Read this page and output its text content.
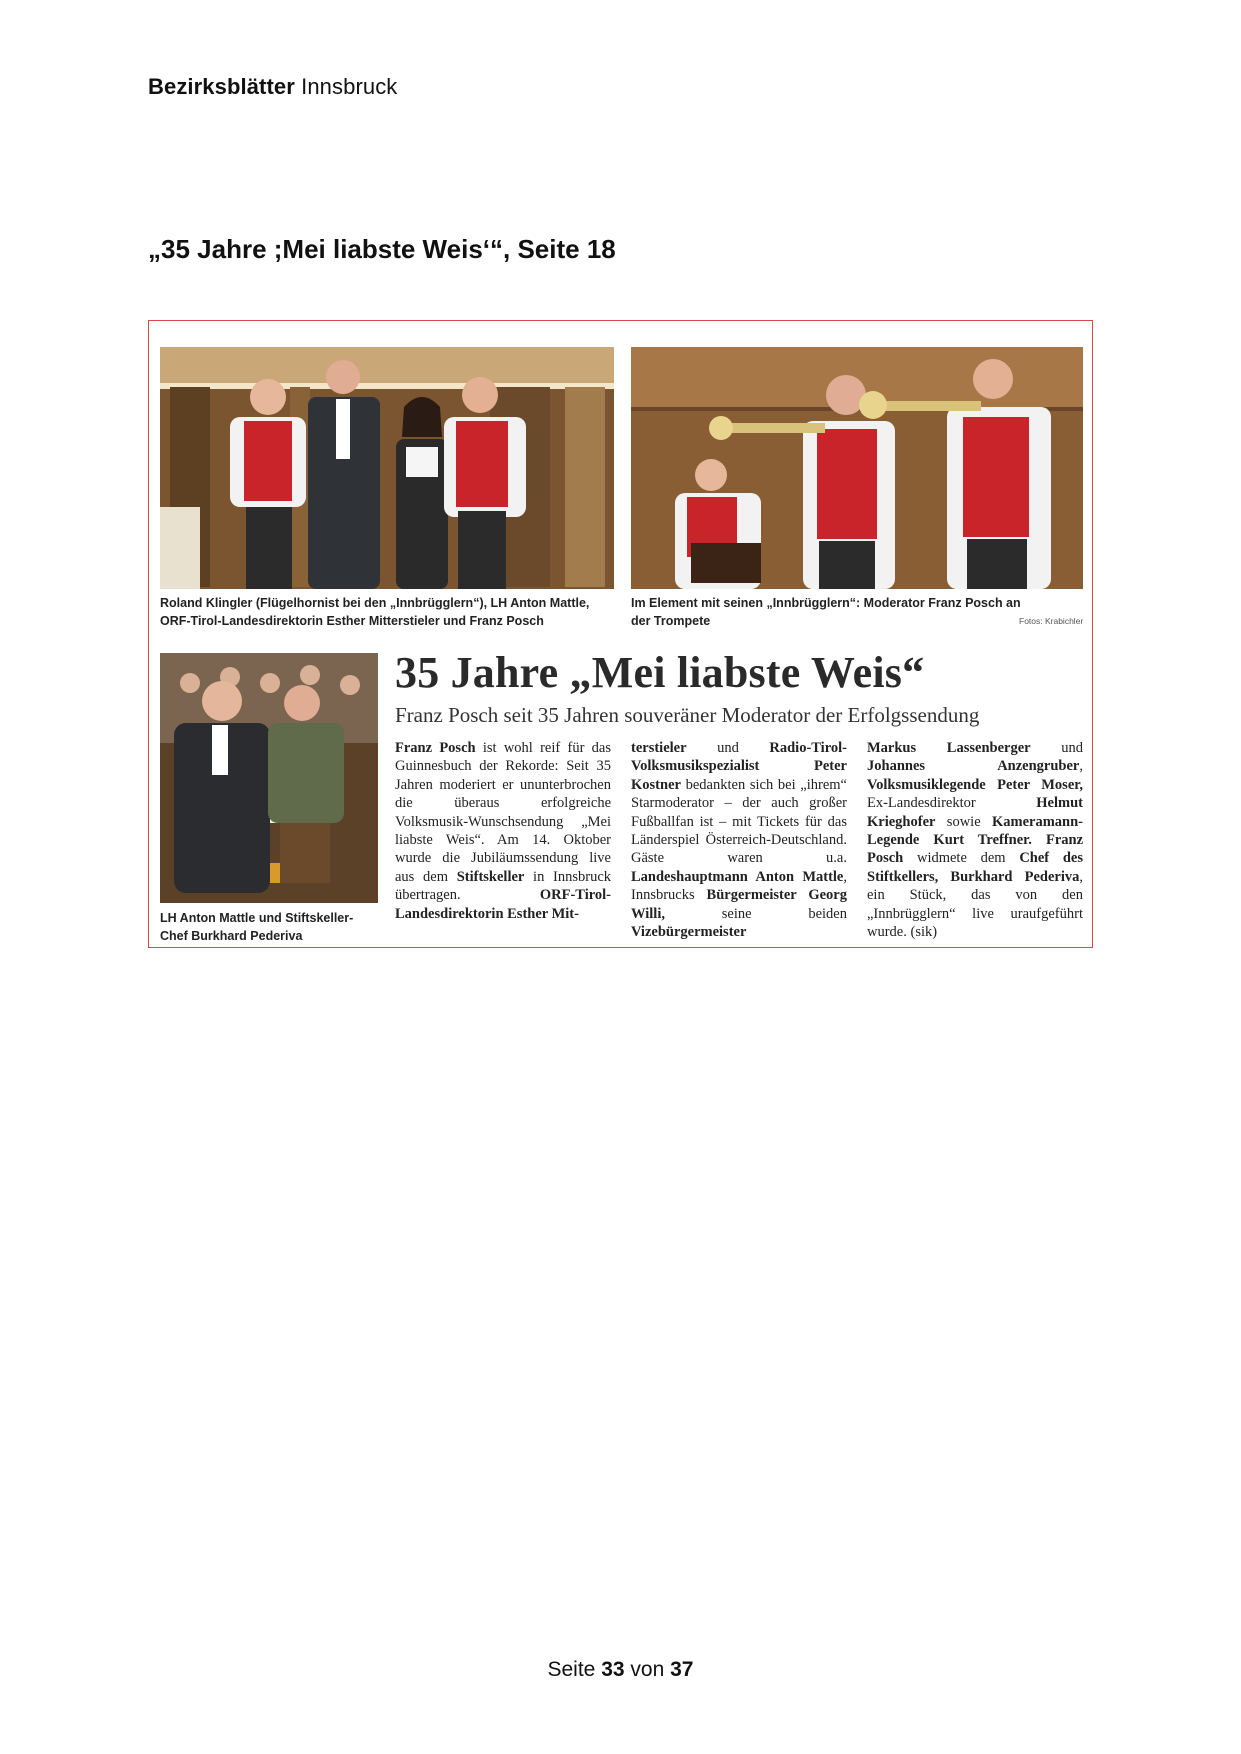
Bezirksblätter Innsbruck
„35 Jahre ;Mei liabste Weis‘“, Seite 18
Roland Klingler (Flügelhornist bei den „Innbrügglern“), LH Anton Mattle, ORF-Tirol-Landesdirektorin Esther Mitterstieler und Franz Posch
Im Element mit seinen „Innbrügglern“: Moderator Franz Posch an der Trompete	Fotos: Krabichler
LH Anton Mattle und Stiftskeller-Chef Burkhard Pederiva
35 Jahre „Mei liabste Weis“
Franz Posch seit 35 Jahren souveräner Moderator der Erfolgssendung
Franz Posch ist wohl reif für das Guinnesbuch der Rekorde: Seit 35 Jahren moderiert er ununterbrochen die überaus erfolgreiche Volksmusik-Wunschsendung „Mei liabste Weis“. Am 14. Oktober wurde die Jubiläumssendung live aus dem Stiftskeller in Innsbruck übertragen. ORF-Tirol-Landesdirektorin Esther Mit-
terstieler und Radio-Tirol-Volksmusikspezialist Peter Kostner bedankten sich bei „ihrem“ Starmoderator – der auch großer Fußballfan ist – mit Tickets für das Länderspiel Österreich-Deutschland. Gäste waren u.a. Landeshauptmann Anton Mattle, Innsbrucks Bürgermeister Georg Willi, seine beiden Vizebürgermeister
Markus Lassenberger und Johannes Anzengruber, Volksmusiklegende Peter Moser, Ex-Landesdirektor Helmut Krieghofer sowie Kameramann-Legende Kurt Treffner. Franz Posch widmete dem Chef des Stiftkellers, Burkhard Pederiva, ein Stück, das von den „Innbrügglern“ live uraufgeführt wurde. (sik)
Seite 33 von 37
